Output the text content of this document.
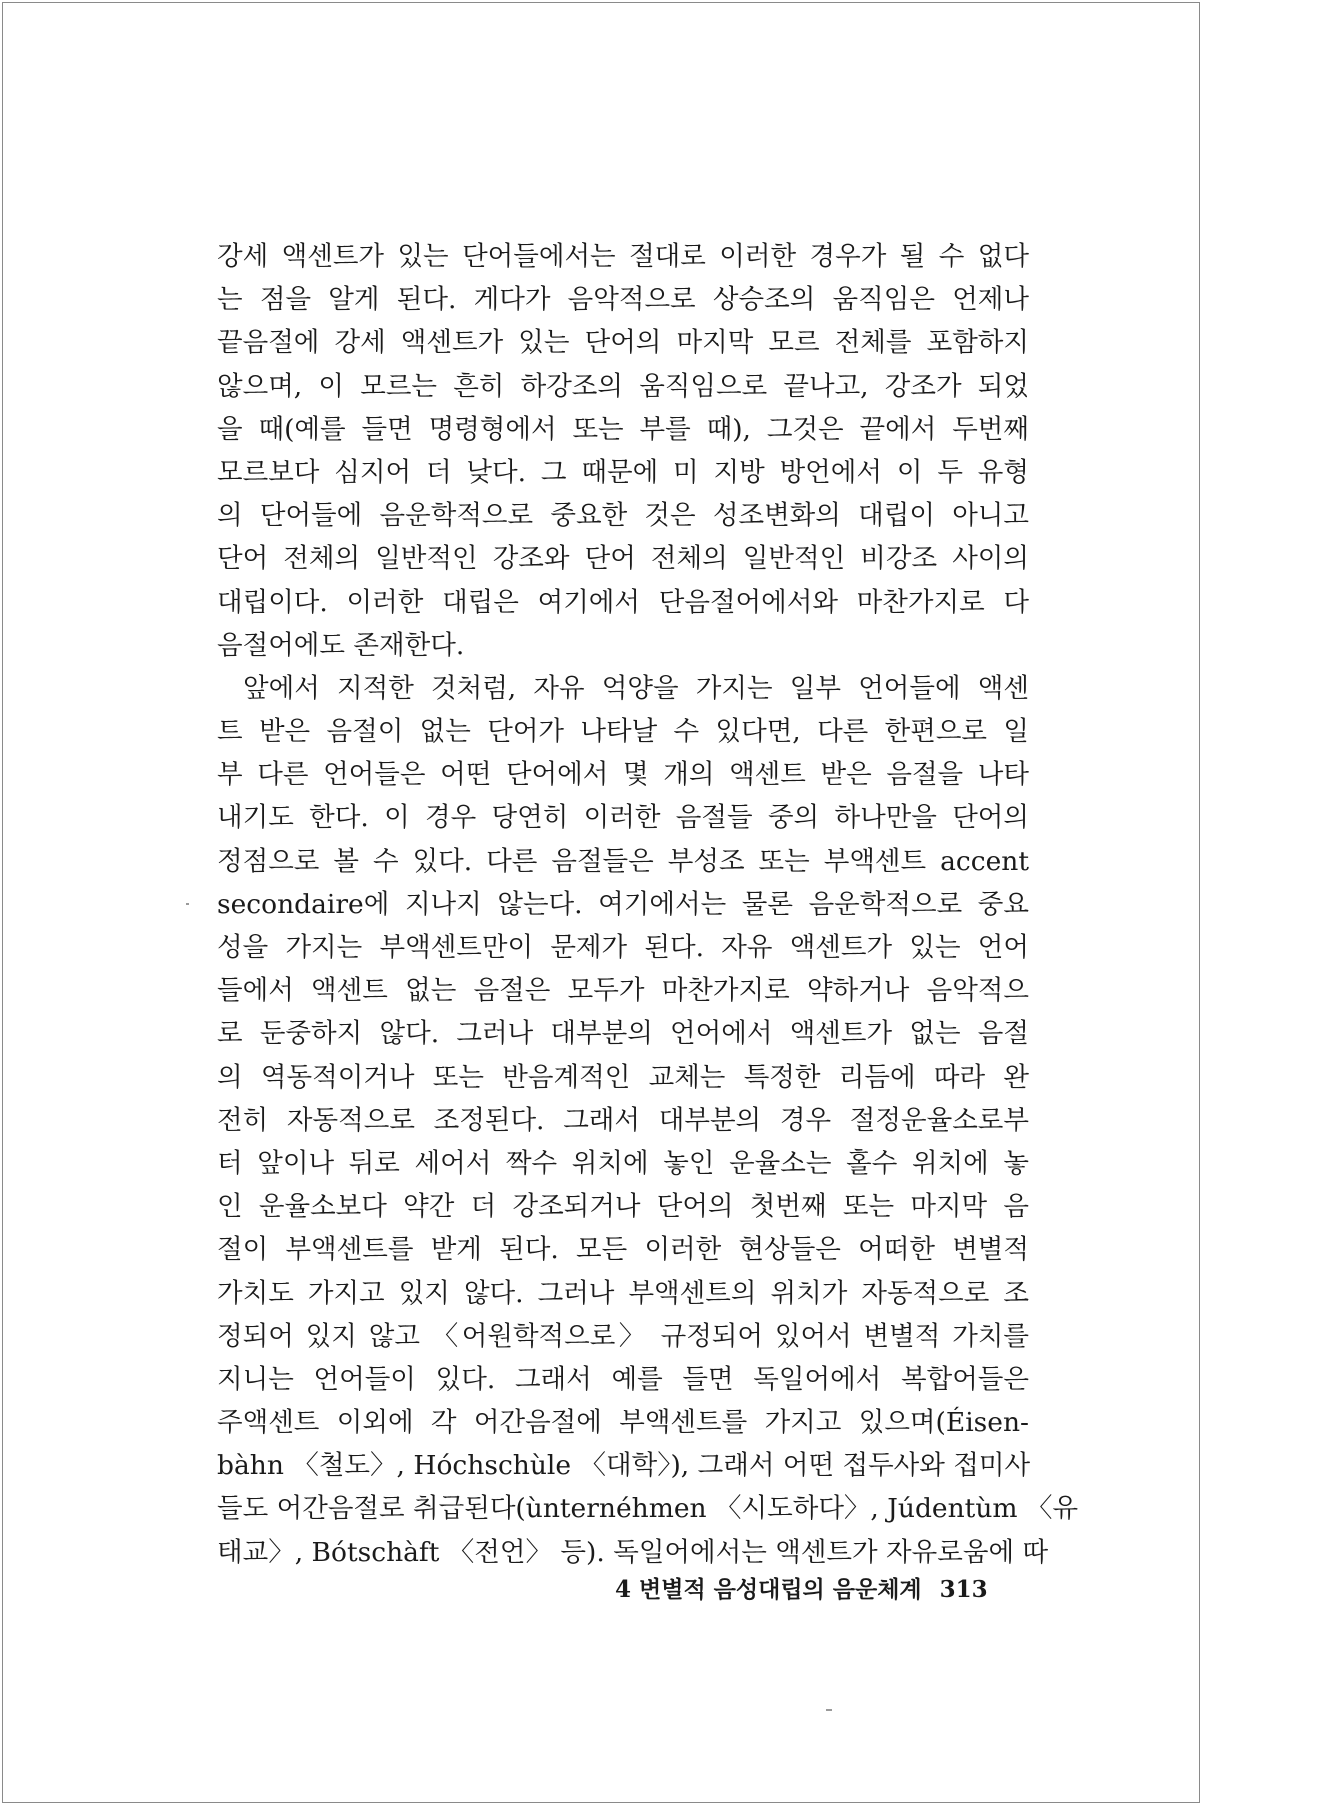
강세 액센트가 있는 단어들에서는 절대로 이러한 경우가 될 수 없다
는 점을 알게 된다. 게다가 음악적으로 상승조의 움직임은 언제나
끝음절에 강세 액센트가 있는 단어의 마지막 모르 전체를 포함하지
않으며, 이 모르는 흔히 하강조의 움직임으로 끝나고, 강조가 되었
을 때(예를 들면 명령형에서 또는 부를 때), 그것은 끝에서 두번째
모르보다 심지어 더 낮다. 그 때문에 미 지방 방언에서 이 두 유형
의 단어들에 음운학적으로 중요한 것은 성조변화의 대립이 아니고
단어 전체의 일반적인 강조와 단어 전체의 일반적인 비강조 사이의
대립이다. 이러한 대립은 여기에서 단음절어에서와 마찬가지로 다
음절어에도 존재한다.
앞에서 지적한 것처럼, 자유 억양을 가지는 일부 언어들에 액센
트 받은 음절이 없는 단어가 나타날 수 있다면, 다른 한편으로 일
부 다른 언어들은 어떤 단어에서 몇 개의 액센트 받은 음절을 나타
내기도 한다. 이 경우 당연히 이러한 음절들 중의 하나만을 단어의
정점으로 볼 수 있다. 다른 음절들은 부성조 또는 부액센트 accent
secondaire에 지나지 않는다. 여기에서는 물론 음운학적으로 중요
성을 가지는 부액센트만이 문제가 된다. 자유 액센트가 있는 언어
들에서 액센트 없는 음절은 모두가 마찬가지로 약하거나 음악적으
로 둔중하지 않다. 그러나 대부분의 언어에서 액센트가 없는 음절
의 역동적이거나 또는 반음계적인 교체는 특정한 리듬에 따라 완
전히 자동적으로 조정된다. 그래서 대부분의 경우 절정운율소로부
터 앞이나 뒤로 세어서 짝수 위치에 놓인 운율소는 홀수 위치에 놓
인 운율소보다 약간 더 강조되거나 단어의 첫번째 또는 마지막 음
절이 부액센트를 받게 된다. 모든 이러한 현상들은 어떠한 변별적
가치도 가지고 있지 않다. 그러나 부액센트의 위치가 자동적으로 조
정되어 있지 않고 〈어원학적으로〉 규정되어 있어서 변별적 가치를
지니는 언어들이 있다. 그래서 예를 들면 독일어에서 복합어들은
주액센트 이외에 각 어간음절에 부액센트를 가지고 있으며(Éisen-
bàhn 〈철도〉, Hóchschùle 〈대학〉), 그래서 어떤 접두사와 접미사
들도 어간음절로 취급된다(ùnternéhmen 〈시도하다〉, Júdentùm 〈유
태교〉, Bótschàft 〈전언〉 등). 독일어에서는 액센트가 자유로움에 따
4 변별적 음성대립의 음운체계 313
